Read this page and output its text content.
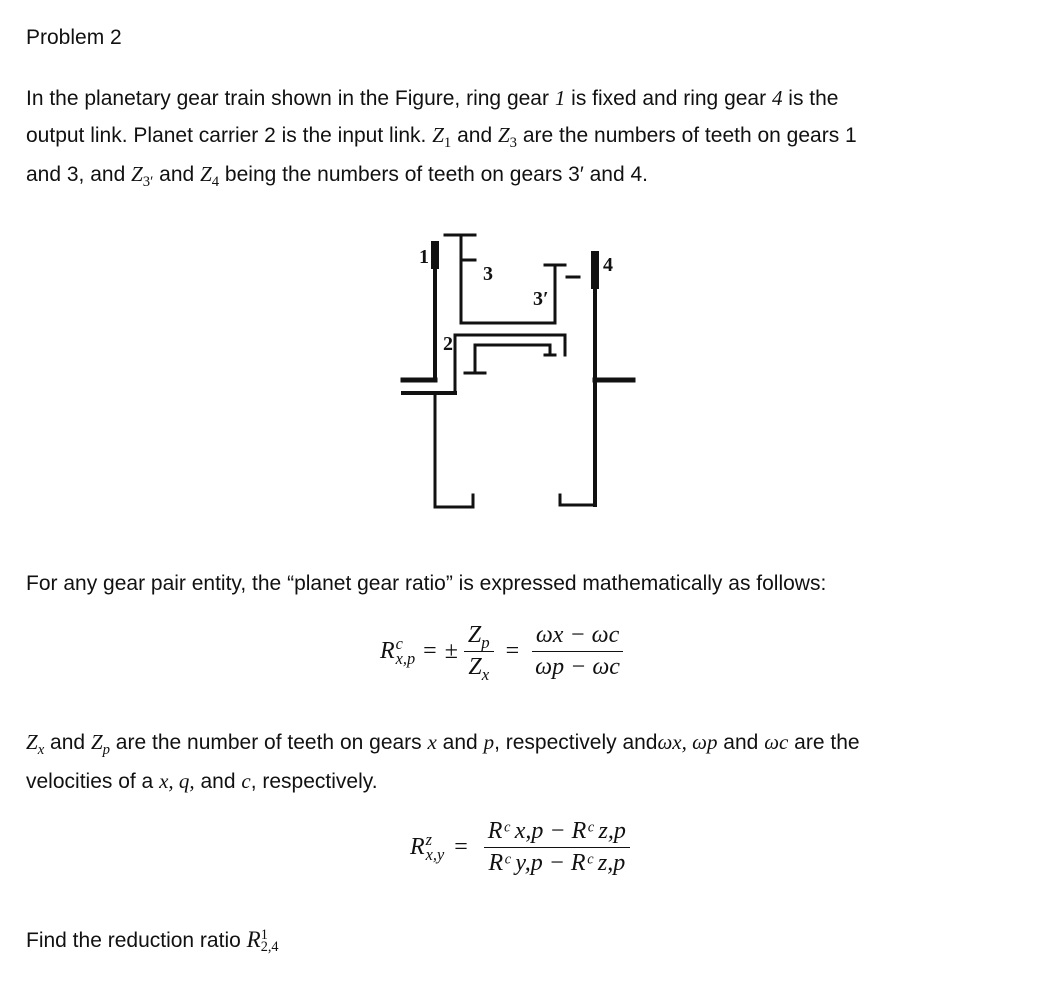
Problem 2

In the planetary gear train shown in the Figure, ring gear 1 is fixed and ring gear 4 is the

output link. Planet carrier 2 is the input link. $Z_1$ and $Z_3$ are the numbers of teeth on gears 1

and 3, and $Z_{3'}$ and $Z_4$ being the numbers of teeth on gears 3′ and 4.

1
2
3
3′
4
For any gear pair entity, the “planet gear ratio” is expressed mathematically as follows:
R c
x,p = ± $\frac{Z_p}{Z_x} = \frac{\omega x - \omega c}{\omega p - \omega c}$

$Z_x$ and $Z_p$ are the number of teeth on gears x and p, respectively andωx, ωp and ωc are the

velocities of a x, q, and c, respectively.

R z
$x,y = \frac{\text{Rᶜ x,p − Rᶜ z,p}}{\text{Rᶜ y,p − Rᶜ z,p}}$
Find the reduction ratio R 1
2,4
